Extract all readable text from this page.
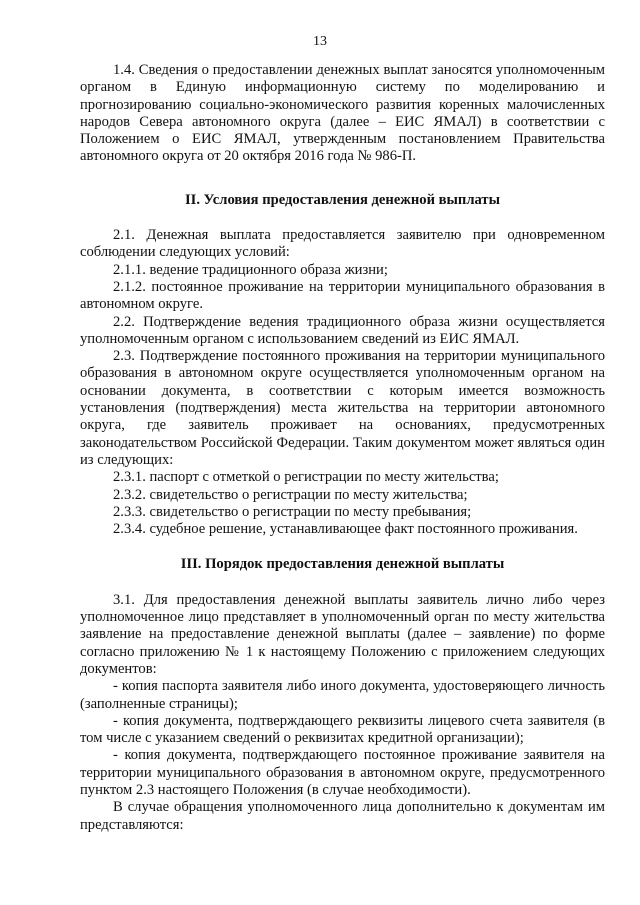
13

1.4. Сведения о предоставлении денежных выплат заносятся уполномоченным органом в Единую информационную систему по моделированию и прогнозированию социально-экономического развития коренных малочисленных народов Севера автономного округа (далее – ЕИС ЯМАЛ) в соответствии с Положением о ЕИС ЯМАЛ, утвержденным постановлением Правительства автономного округа от 20 октября 2016 года № 986-П.

II. Условия предоставления денежной выплаты

2.1. Денежная выплата предоставляется заявителю при одновременном соблюдении следующих условий:

2.1.1. ведение традиционного образа жизни;

2.1.2. постоянное проживание на территории муниципального образования в автономном округе.

2.2. Подтверждение ведения традиционного образа жизни осуществляется уполномоченным органом с использованием сведений из ЕИС ЯМАЛ.

2.3. Подтверждение постоянного проживания на территории муниципального образования в автономном округе осуществляется уполномоченным органом на основании документа, в соответствии с которым имеется возможность установления (подтверждения) места жительства на территории автономного округа, где заявитель проживает на основаниях, предусмотренных законодательством Российской Федерации. Таким документом может являться один из следующих:

2.3.1. паспорт с отметкой о регистрации по месту жительства;

2.3.2. свидетельство о регистрации по месту жительства;

2.3.3. свидетельство о регистрации по месту пребывания;

2.3.4. судебное решение, устанавливающее факт постоянного проживания.

III. Порядок предоставления денежной выплаты

3.1. Для предоставления денежной выплаты заявитель лично либо через уполномоченное лицо представляет в уполномоченный орган по месту жительства заявление на предоставление денежной выплаты (далее – заявление) по форме согласно приложению № 1 к настоящему Положению с приложением следующих документов:

- копия паспорта заявителя либо иного документа, удостоверяющего личность (заполненные страницы);

- копия документа, подтверждающего реквизиты лицевого счета заявителя (в том числе с указанием сведений о реквизитах кредитной организации);

- копия документа, подтверждающего постоянное проживание заявителя на территории муниципального образования в автономном округе, предусмотренного пунктом 2.3 настоящего Положения (в случае необходимости).

В случае обращения уполномоченного лица дополнительно к документам им представляются:
